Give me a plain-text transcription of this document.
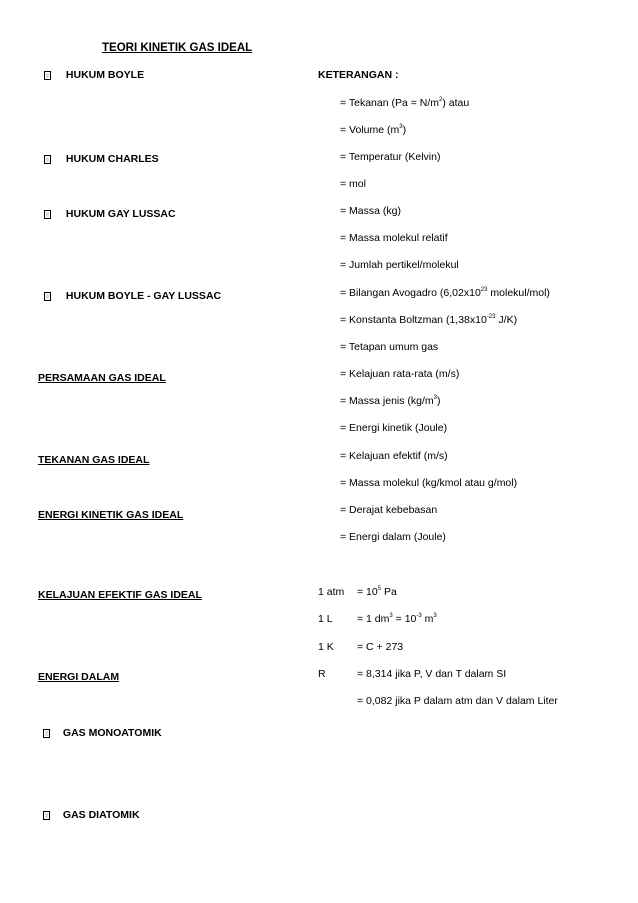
TEORI KINETIK GAS IDEAL
HUKUM BOYLE
HUKUM CHARLES
HUKUM GAY LUSSAC
HUKUM BOYLE - GAY LUSSAC
PERSAMAAN GAS IDEAL
TEKANAN GAS IDEAL
ENERGI KINETIK GAS IDEAL
KELAJUAN EFEKTIF GAS IDEAL
ENERGI DALAM
GAS MONOATOMIK
GAS DIATOMIK
KETERANGAN :
= Tekanan $(Pa = N/m^2)$ atau
= Volume $(m^3)$
= Temperatur (Kelvin)
= mol
= Massa (kg)
= Massa molekul relatif
= Jumlah pertikel/molekul
= Bilangan Avogadro ($6,02x10^{23}$ molekul/mol)
= Konstanta Boltzman ($1,38x10^{-23}$ J/K)
= Tetapan umum gas
= Kelajuan rata-rata (m/s)
= Massa jenis $(kg/m^3)$
= Energi kinetik (Joule)
= Kelajuan efektif (m/s)
= Massa molekul (kg/kmol atau g/mol)
= Derajat kebebasan
= Energi dalam (Joule)
1 atm = $10^5$ Pa
1 L = 1 $dm^3 = 10^{-3}$ $m^3$
1 K = C + 273
R	= 8,314 jika P, V dan T dalam SI
= 0,082 jika P dalam atm dan V dalam Liter
